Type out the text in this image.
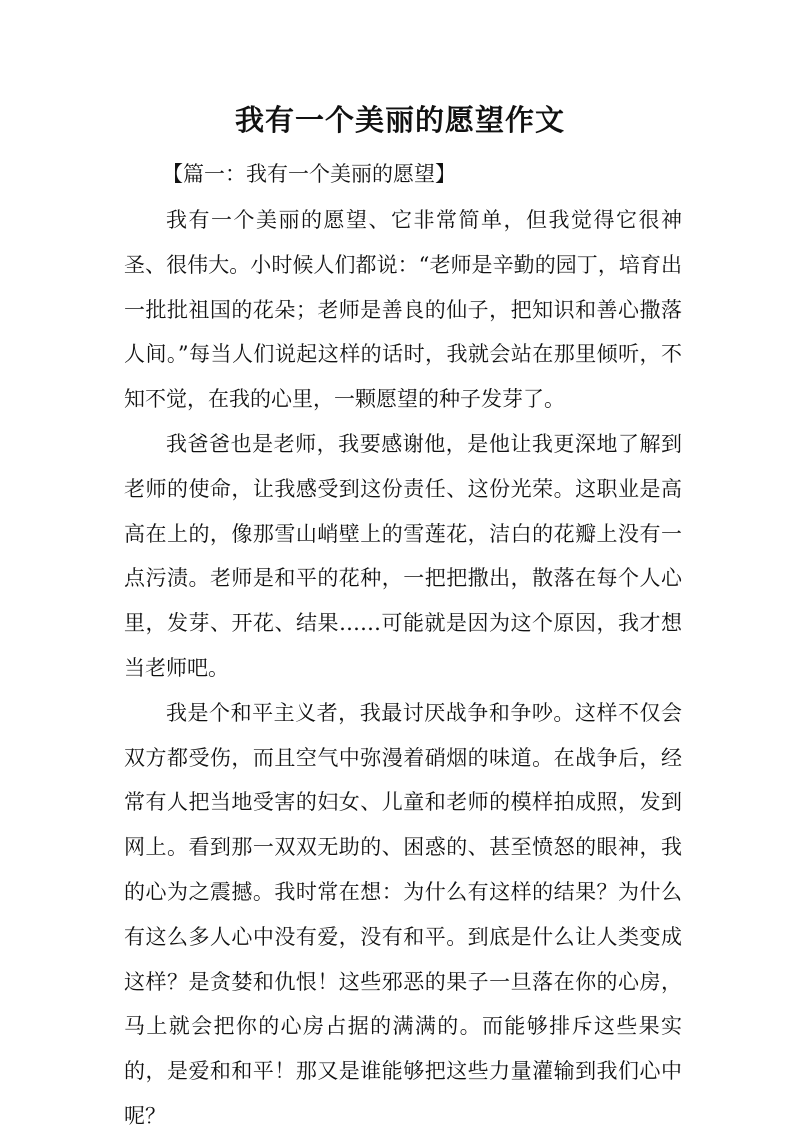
我有一个美丽的愿望作文
【篇一：我有一个美丽的愿望】

我有一个美丽的愿望、它非常简单，但我觉得它很神圣、很伟大。小时候人们都说：“老师是辛勤的园丁，培育出一批批祖国的花朵；老师是善良的仙子，把知识和善心撒落人间。”每当人们说起这样的话时，我就会站在那里倾听，不知不觉，在我的心里，一颗愿望的种子发芽了。

我爸爸也是老师，我要感谢他，是他让我更深地了解到老师的使命，让我感受到这份责任、这份光荣。这职业是高高在上的，像那雪山峭壁上的雪莲花，洁白的花瓣上没有一点污渍。老师是和平的花种，一把把撒出，散落在每个人心里，发芽、开花、结果……可能就是因为这个原因，我才想当老师吧。

我是个和平主义者，我最讨厌战争和争吵。这样不仅会双方都受伤，而且空气中弥漫着硝烟的味道。在战争后，经常有人把当地受害的妇女、儿童和老师的模样拍成照，发到网上。看到那一双双无助的、困惑的、甚至愤怒的眼神，我的心为之震撼。我时常在想：为什么有这样的结果？为什么有这么多人心中没有爱，没有和平。到底是什么让人类变成这样？是贪婪和仇恨！这些邪恶的果子一旦落在你的心房，马上就会把你的心房占据的满满的。而能够排斥这些果实的，是爱和和平！那又是谁能够把这些力量灌输到我们心中呢？
